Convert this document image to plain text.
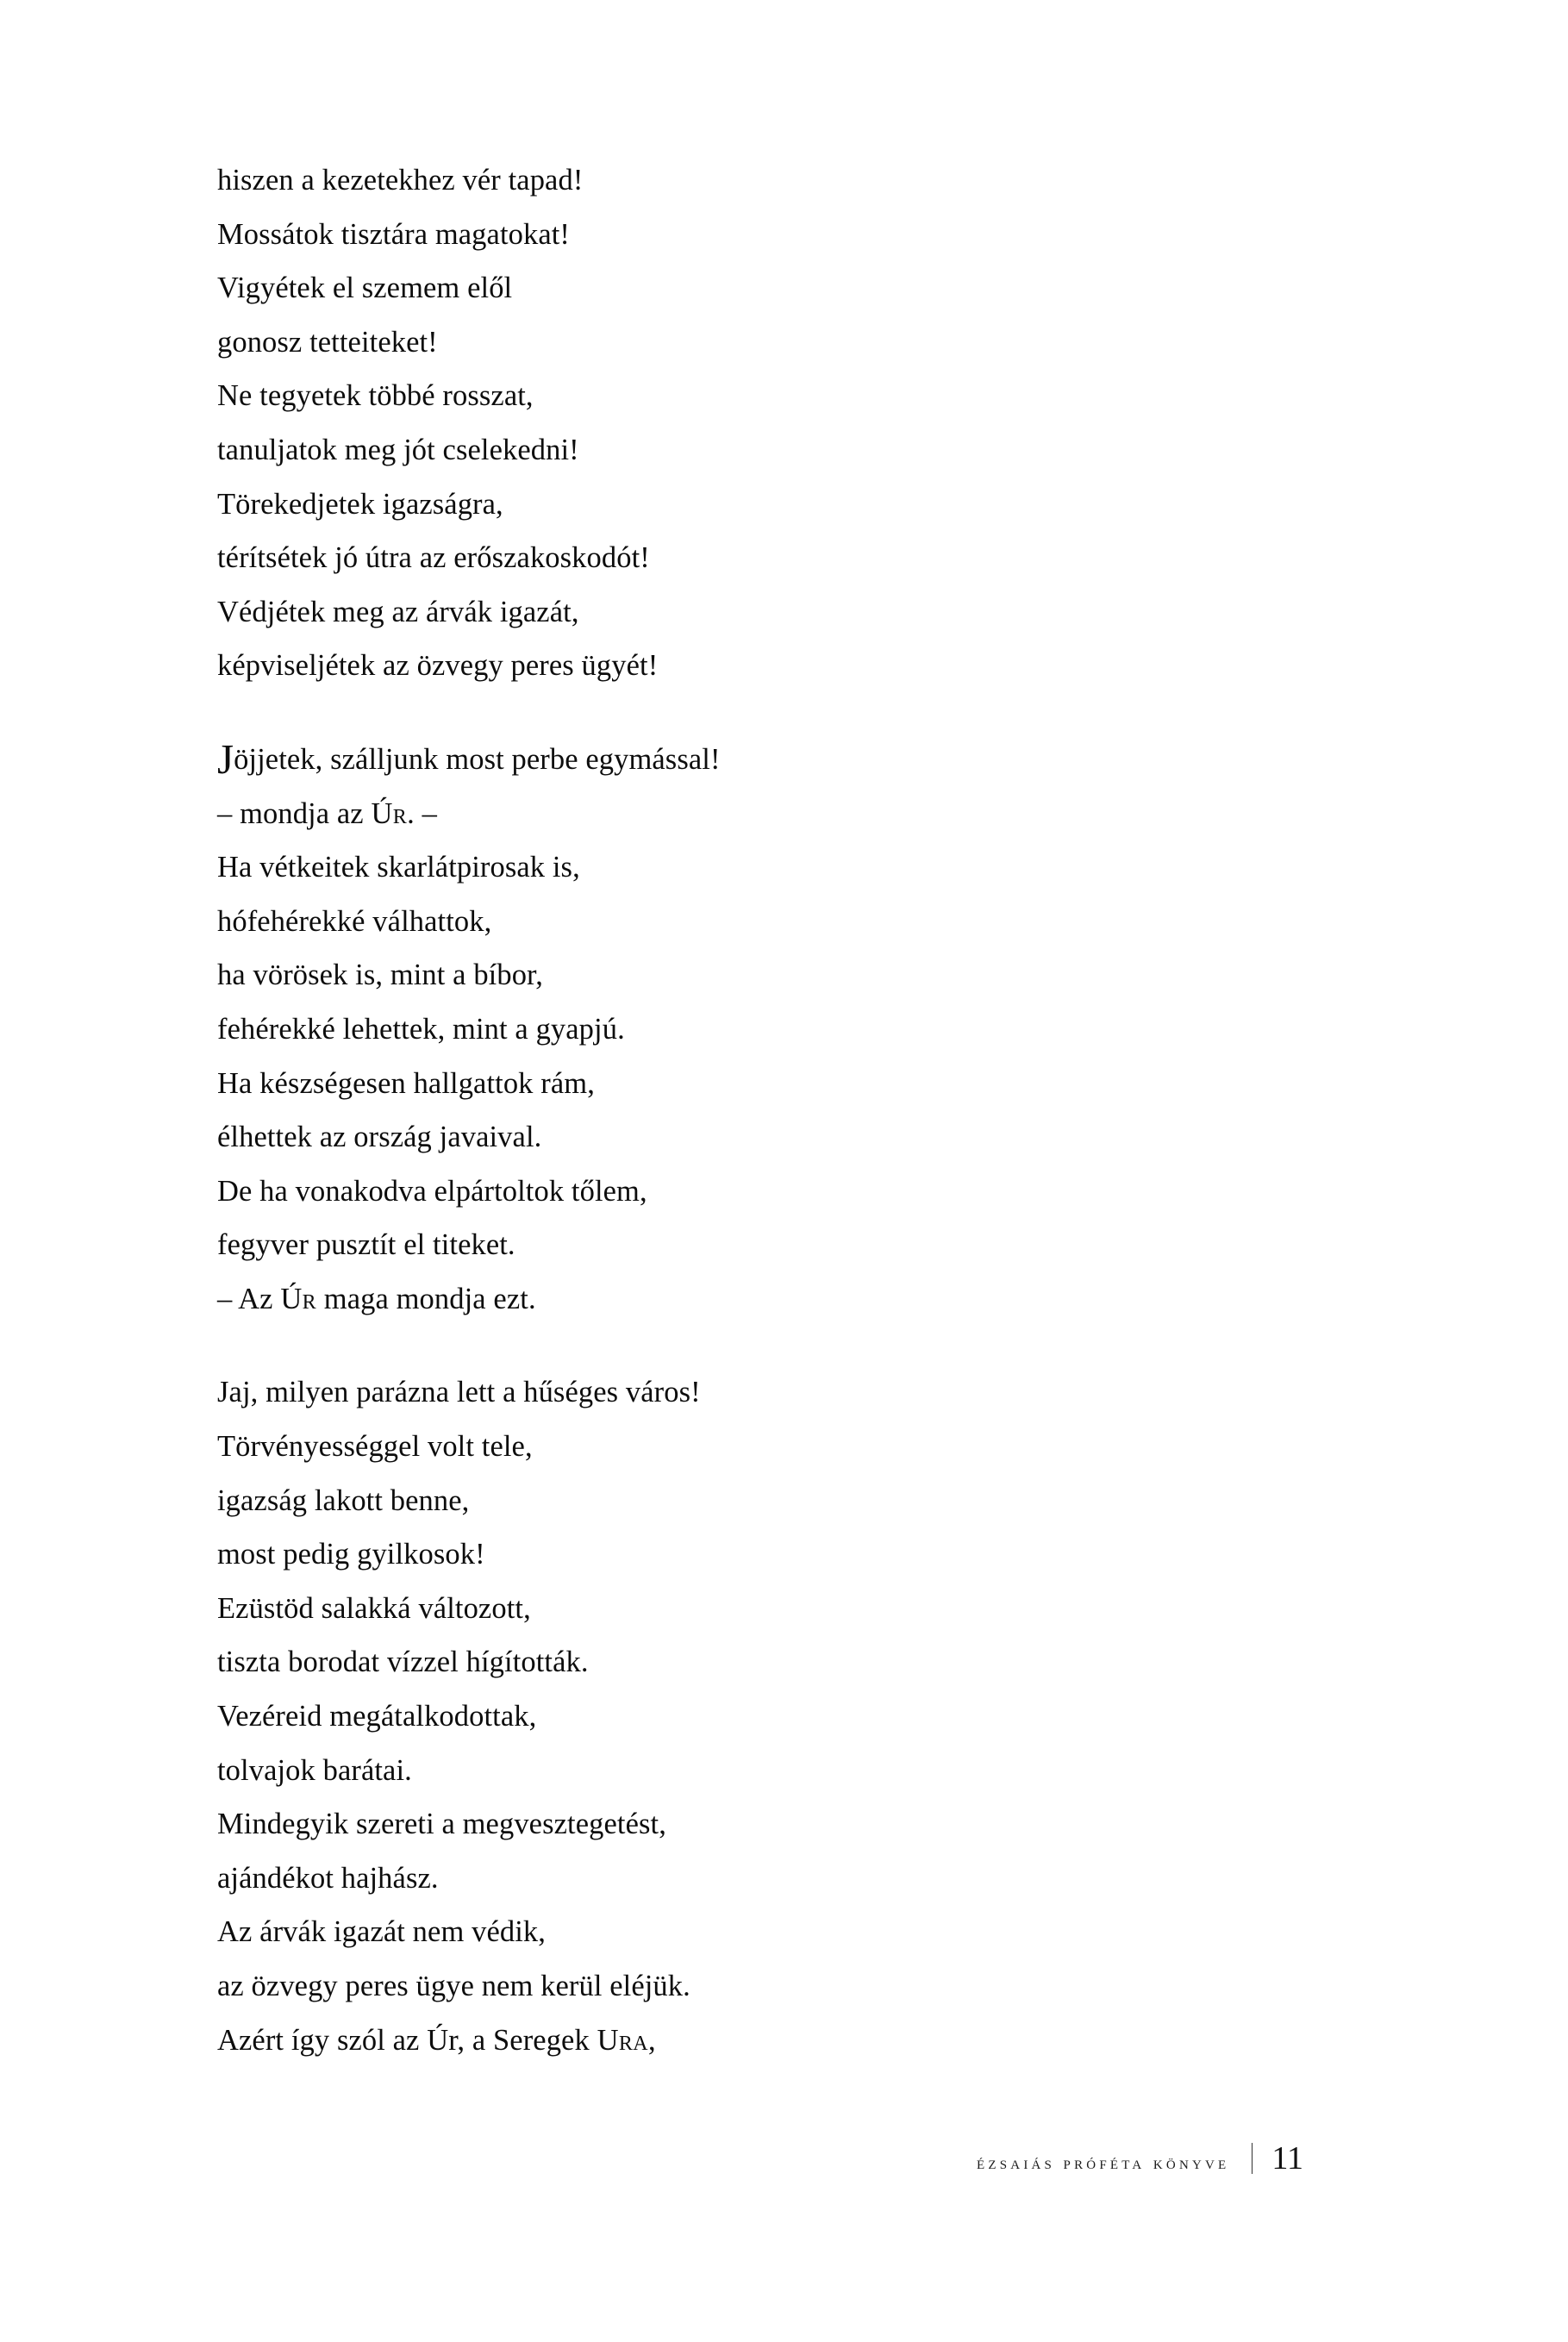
hiszen a kezetekhez vér tapad!
Mossátok tisztára magatokat!
Vigyétek el szemem elől
gonosz tetteiteket!
Ne tegyetek többé rosszat,
tanuljatok meg jót cselekedni!
Törekedjetek igazságra,
térítsétek jó útra az erőszakoskodót!
Védjétek meg az árvák igazát,
képviseljétek az özvegy peres ügyét!
Jöjjetek, szálljunk most perbe egymással!
– mondja az Úr. –
Ha vétkeitek skarlátpirosak is,
hófehérekké válhattok,
ha vörösek is, mint a bíbor,
fehérekké lehettek, mint a gyapjú.
Ha készségesen hallgattok rám,
élhettek az ország javaival.
De ha vonakodva elpártoltok tőlem,
fegyver pusztít el titeket.
– Az Úr maga mondja ezt.
Jaj, milyen parázna lett a hűséges város!
Törvényességgel volt tele,
igazság lakott benne,
most pedig gyilkosok!
Ezüstöd salakká változott,
tiszta borodat vízzel hígították.
Vezéreid megátalkodottak,
tolvajok barátai.
Mindegyik szereti a megvesztegetést,
ajándékot hajhász.
Az árvák igazát nem védik,
az özvegy peres ügye nem kerül eléjük.
Azért így szól az Úr, a Seregek Ura,
ézsaiás próféta könyve 11
